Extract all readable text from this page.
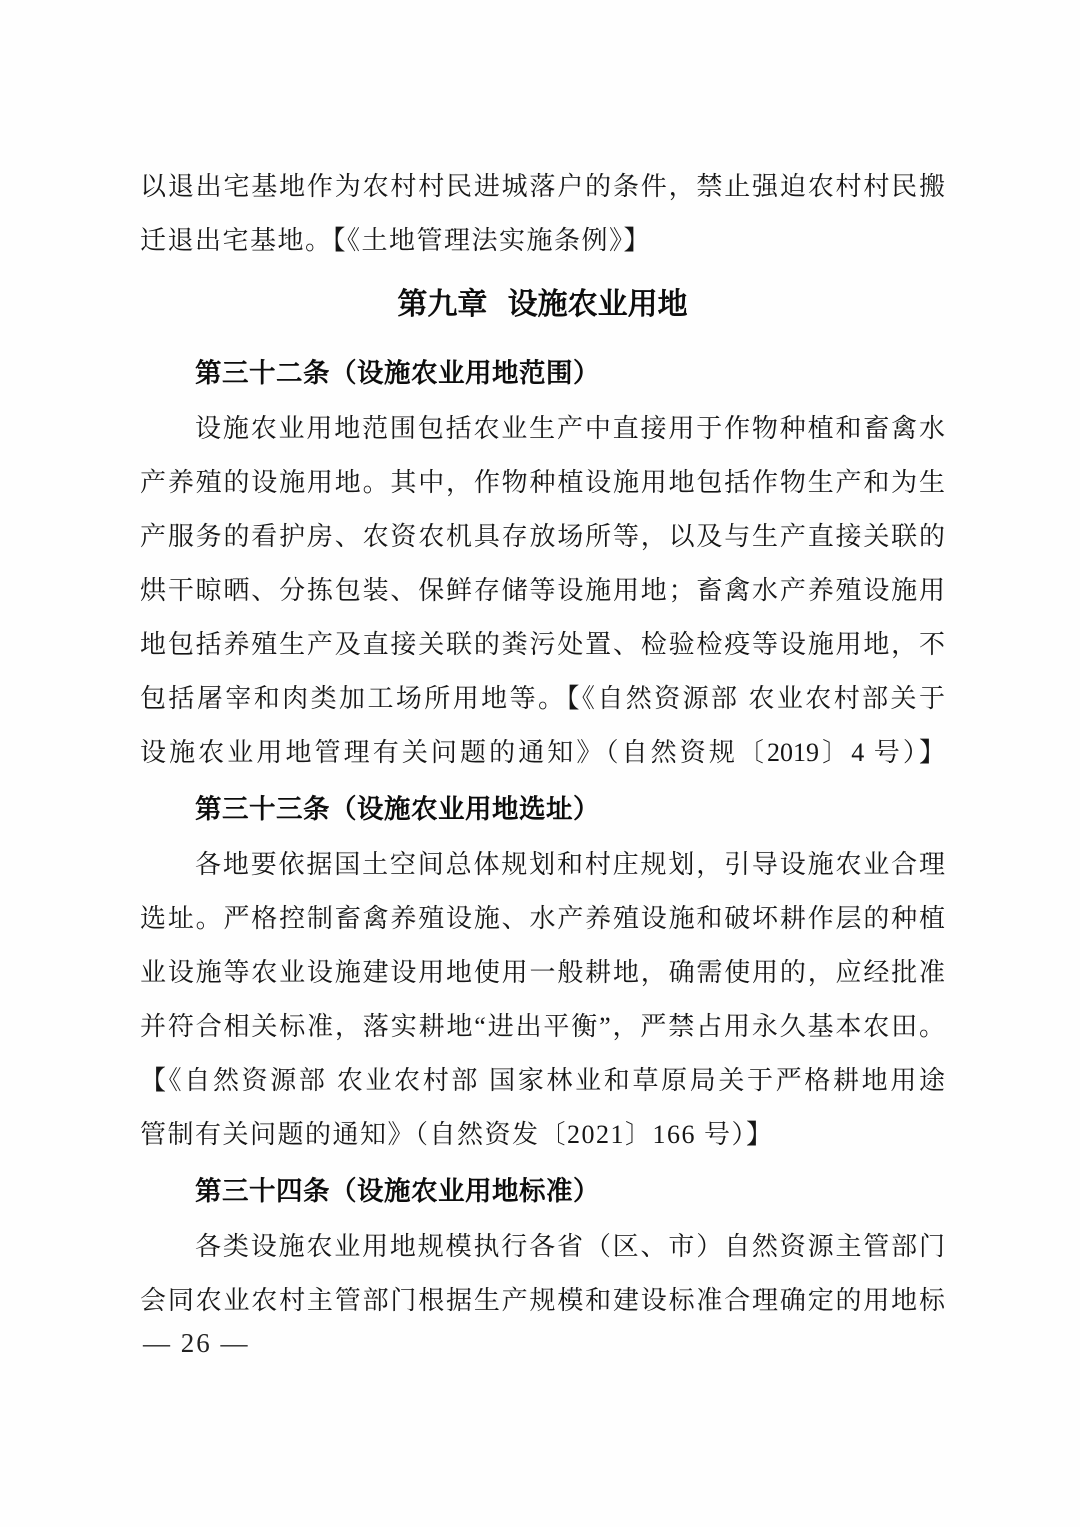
以退出宅基地作为农村村民进城落户的条件，禁止强迫农村村民搬
迁退出宅基地。【《土地管理法实施条例》】
第九章 设施农业用地
第三十二条（设施农业用地范围）
设施农业用地范围包括农业生产中直接用于作物种植和畜禽水
产养殖的设施用地。其中，作物种植设施用地包括作物生产和为生
产服务的看护房、农资农机具存放场所等，以及与生产直接关联的
烘干晾晒、分拣包装、保鲜存储等设施用地；畜禽水产养殖设施用
地包括养殖生产及直接关联的粪污处置、检验检疫等设施用地，不
包括屠宰和肉类加工场所用地等。【《自然资源部 农业农村部关于
设施农业用地管理有关问题的通知》（自然资规〔2019〕4 号）】
第三十三条（设施农业用地选址）
各地要依据国土空间总体规划和村庄规划，引导设施农业合理
选址。严格控制畜禽养殖设施、水产养殖设施和破坏耕作层的种植
业设施等农业设施建设用地使用一般耕地，确需使用的，应经批准
并符合相关标准，落实耕地“进出平衡”，严禁占用永久基本农田。
【《自然资源部 农业农村部 国家林业和草原局关于严格耕地用途
管制有关问题的通知》（自然资发〔2021〕166 号）】
第三十四条（设施农业用地标准）
各类设施农业用地规模执行各省（区、市）自然资源主管部门
会同农业农村主管部门根据生产规模和建设标准合理确定的用地标
— 26 —
